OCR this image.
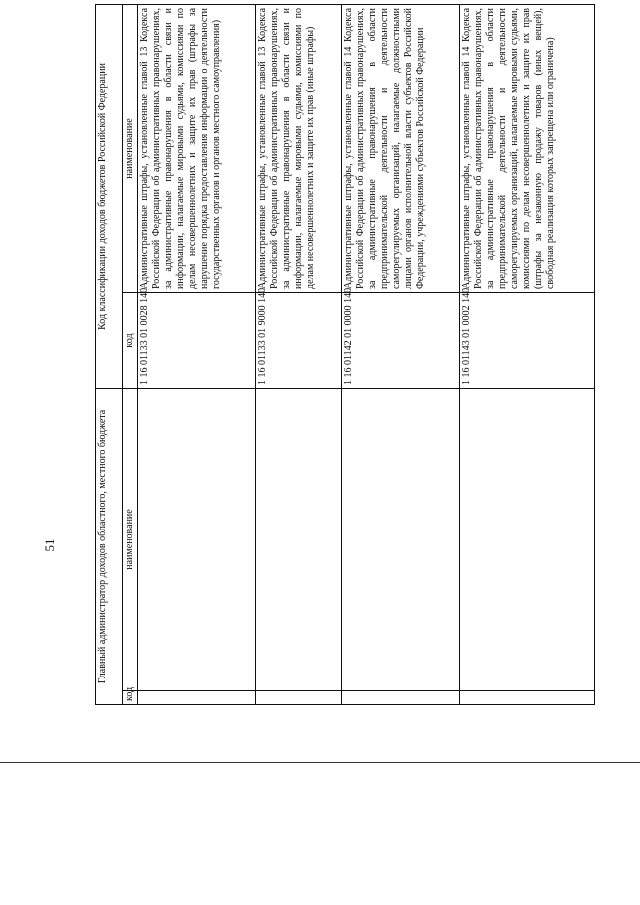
51	Главный администратор доходов областного, местного бюджета		Код классификации доходов бюджетов Российской Федерации	
код	наименование	код	наименование
		1 16 01133 01 0028 140	Административные штрафы, установленные главой 13 Кодекса Российской Федерации об административных правонарушениях, за административные правонарушения в области связи и информации, налагаемые мировыми судьями, комиссиями по делам несовершеннолетних и защите их прав (штрафы за нарушение порядка предоставления информации о деятельности государственных органов и органов местного самоуправления)
		1 16 01133 01 9000 140	Административные штрафы, установленные главой 13 Кодекса Российской Федерации об административных правонарушениях, за административные правонарушения в области связи и информации, налагаемые мировыми судьями, комиссиями по делам несовершеннолетних и защите их прав (иные штрафы)
		1 16 01142 01 0000 140	Административные штрафы, установленные главой 14 Кодекса Российской Федерации об административных правонарушениях, за административные правонарушения в области предпринимательской деятельности и деятельности саморегулируемых организаций, налагаемые должностными лицами органов исполнительной власти субъектов Российской Федерации, учреждениями субъектов Российской Федерации
		1 16 01143 01 0002 140	Административные штрафы, установленные главой 14 Кодекса Российской Федерации об административных правонарушениях, за административные правонарушения в области предпринимательской деятельности и деятельности саморегулируемых организаций, налагаемые мировыми судьями, комиссиями по делам несовершеннолетних и защите их прав (штрафы за незаконную продажу товаров (иных вещей), свободная реализация которых запрещена или ограничена)
